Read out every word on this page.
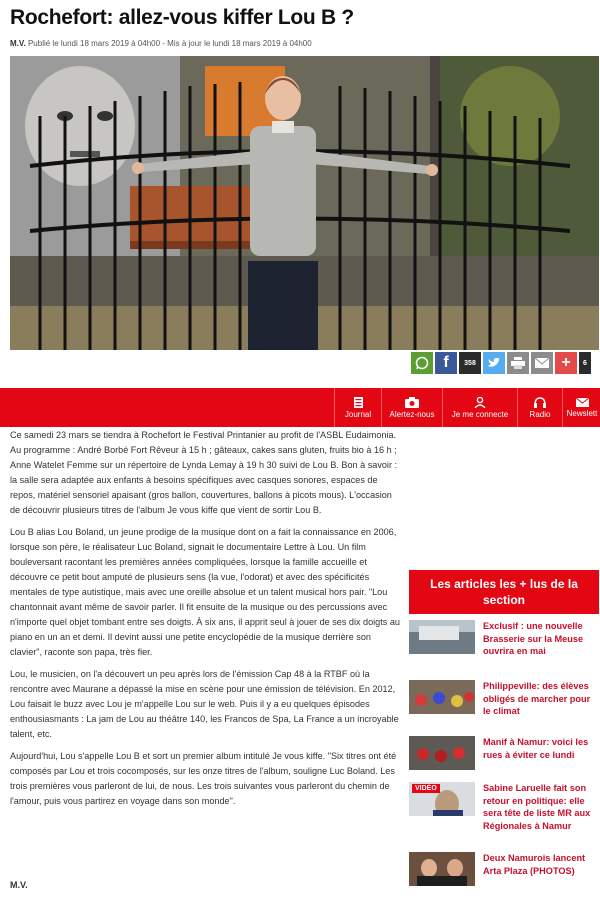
Rochefort: allez-vous kiffer Lou B ?
M.V. Publié le lundi 18 mars 2019 à 04h00 - Mis à jour le lundi 18 mars 2019 à 04h00
f	358	+	6
Journal Alertez-nous Je me connecte	Radio Newslett

Ce samedi 23 mars se tiendra à Rochefort le Festival Printanier au profit de l'ASBL Eudaimonia. Au programme : André Borbé Fort Rêveur à 15 h ; gâteaux, cakes sans gluten, fruits bio à 16 h ; Anne Watelet Femme sur un répertoire de Lynda Lemay à 19 h 30 suivi de Lou B. Bon à savoir : la salle sera adaptée aux enfants à besoins spécifiques avec casques sonores, espaces de repos, matériel sensoriel apaisant (gros ballon, couvertures, ballons à picots mous). L'occasion de découvrir plusieurs titres de l'album Je vous kiffe que vient de sortir Lou B.

Lou B alias Lou Boland, un jeune prodige de la musique dont on a fait la connaissance en 2006, lorsque son père, le réalisateur Luc Boland, signait le documentaire Lettre à Lou. Un film bouleversant racontant les premières années compliquées, lorsque la famille accueille et découvre ce petit bout amputé de plusieurs sens (la vue, l'odorat) et avec des spécificités mentales de type autistique, mais avec une oreille absolue et un talent musical hors pair. "Lou chantonnait avant même de savoir parler. Il fit ensuite de la musique ou des percussions avec n'importe quel objet tombant entre ses doigts. À six ans, il apprit seul à jouer de ses dix doigts au piano en un an et demi. Il devint aussi une petite encyclopédie de la musique derrière son clavier", raconte son papa, très fier.

Lou, le musicien, on l'a découvert un peu après lors de l'émission Cap 48 à la RTBF où la rencontre avec Maurane a dépassé la mise en scène pour une émission de télévision. En 2012, Lou faisait le buzz avec Lou je m'appelle Lou sur le web. Puis il y a eu quelques épisodes enthousiasmants : La jam de Lou au théâtre 140, les Francos de Spa, La France a un incroyable talent, etc.

Aujourd'hui, Lou s'appelle Lou B et sort un premier album intitulé Je vous kiffe. "Six titres ont été composés par Lou et trois cocomposés, sur les onze titres de l'album, souligne Luc Boland. Les trois premières vous parleront de lui, de nous. Les trois suivantes vous parleront du chemin de l'amour, puis vous partirez en voyage dans son monde".

M.V.
Les articles les + lus de la section
Exclusif : une nouvelle Brasserie sur la Meuse ouvrira en mai
Philippeville: des élèves obligés de marcher pour le climat
Manif à Namur: voici les rues à éviter ce lundi
VIDÉO	Sabine Laruelle fait son retour en politique: elle sera tête de liste MR aux Régionales à Namur
Deux Namurois lancent Arta Plaza (PHOTOS)
